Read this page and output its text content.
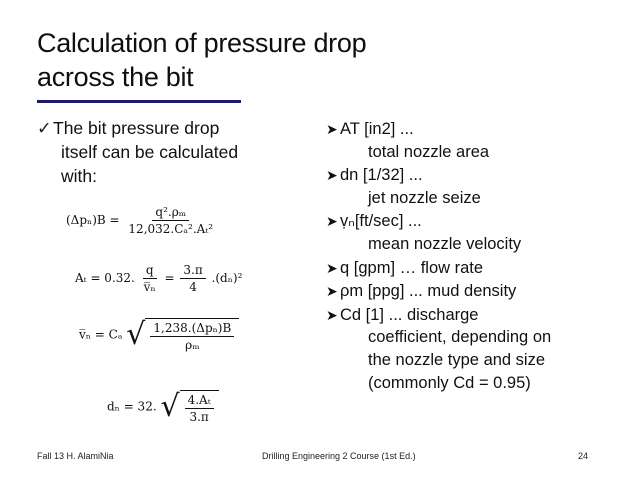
Calculation of pressure drop
across the bit
✓The bit pressure drop
itself can be calculated
with:
$(\Delta p_n)B = \frac{\text{q².ρₘ}}{\text{12,032.Cₐ².Aₜ²}}$
Aₜ = 0.32. $\frac{q}{\text{v̅ₙ}} = \frac{3.\pi}{4} .(d_n)^2$
v̅ₙ = Cₐ √ $\frac{\text{1,238.(Δpₙ)Β}}{\text{ρₘ}}$
dₙ = 32. √ $\frac{\text{4.Aₜ}}{3.\pi}$
➤ AT [in2] ...
total nozzle area
➤ dn [1/32] ...
jet nozzle seize
➤ ṿₙ[ft/sec] ...
mean nozzle velocity
➤ q [gpm] … flow rate
➤ ρm [ppg] ... mud density
➤ Cd [1] ... discharge
coefficient, depending on
the nozzle type and size
(commonly Cd = 0.95)
Fall 13 H. AlamiNia	Drilling Engineering 2 Course (1st Ed.)	24
